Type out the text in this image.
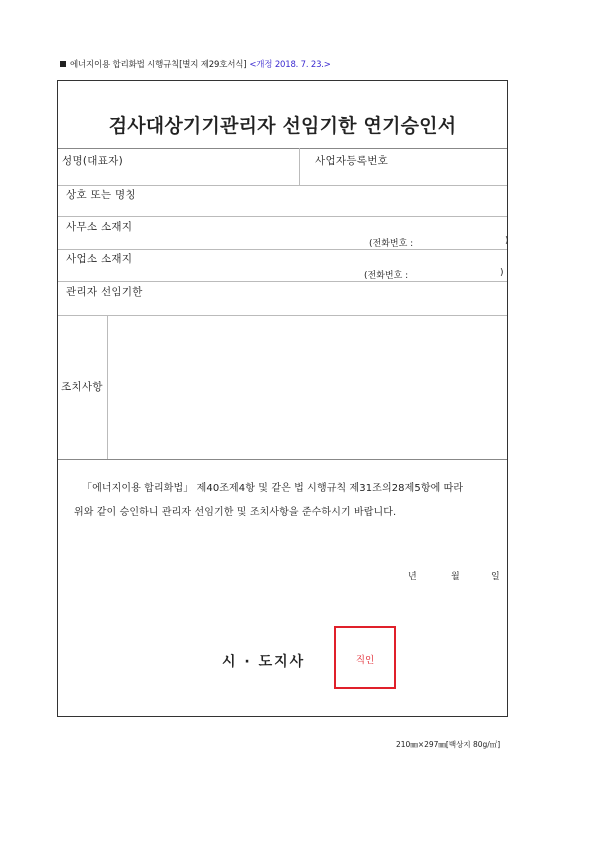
에너지이용 합리화법 시행규칙[별지 제29호서식] <개정 2018. 7. 23.>
검사대상기기관리자 선임기한 연기승인서
성명(대표자)	사업자등록번호
상호 또는 명칭
사무소 소재지
(전화번호 :	)
사업소 소재지
(전화번호 :	)
관리자 선임기한
조치사항

「에너지이용 합리화법」 제40조제4항 및 같은 법 시행규칙 제31조의28제5항에 따라

위와 같이 승인하니 관리자 선임기한 및 조치사항을 준수하시기 바랍니다.

년	월	일
시 · 도지사	직인
210㎜×297㎜[백상지 80g/㎡]
